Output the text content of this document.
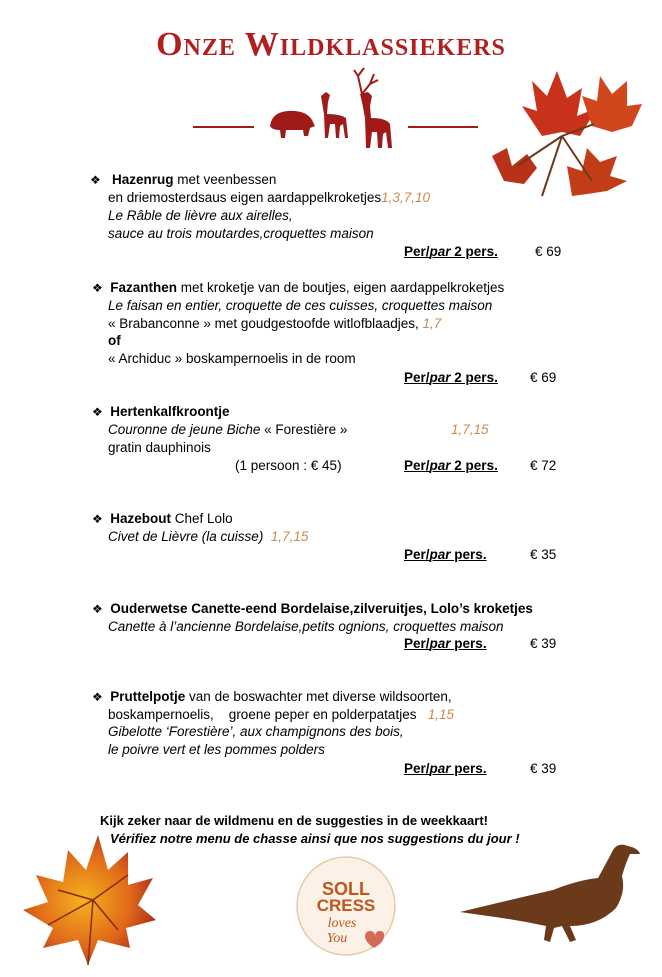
Onze Wildklassiekers
❖ Hazenrug met veenbessen
en driemosterdsaus eigen aardappelkroketjes1,3,7,10
Le Râble de lièvre aux airelles,
sauce au trois moutardes,croquettes maison
Per/par 2 pers.	€ 69
❖ Fazanthen met kroketje van de boutjes, eigen aardappelkroketjes
Le faisan en entier, croquette de ces cuisses, croquettes maison
« Brabanconne » met goudgestoofde witlofblaadjes, 1,7
of
« Archiduc » boskampernoelis in de room
Per/par 2 pers. € 69
❖ Hertenkalfkroontje
Couronne de jeune Biche « Forestière »	1,7,15
gratin dauphinois
(1 persoon : € 45)	Per/par 2 pers. € 72
❖ Hazebout Chef Lolo
Civet de Lièvre (la cuisse) 1,7,15
Per/par pers.	€ 35
❖ Ouderwetse Canette-eend Bordelaise,zilveruitjes, Lolo’s kroketjes
Canette à l’ancienne Bordelaise,petits ognions, croquettes maison
Per/par pers.	€ 39
❖ Pruttelpotje van de boswachter met diverse wildsoorten,
boskampernoelis,    groene peper en polderpatatjes 1,15
Gibelotte ‘Forestière’, aux champignons des bois,
le poivre vert et les pommes polders
Per/par pers.	€ 39
Kijk zeker naar de wildmenu en de suggesties in de weekkaart!
Vérifiez notre menu de chasse ainsi que nos suggestions du jour !
SOLL
CRESS
loves
You
